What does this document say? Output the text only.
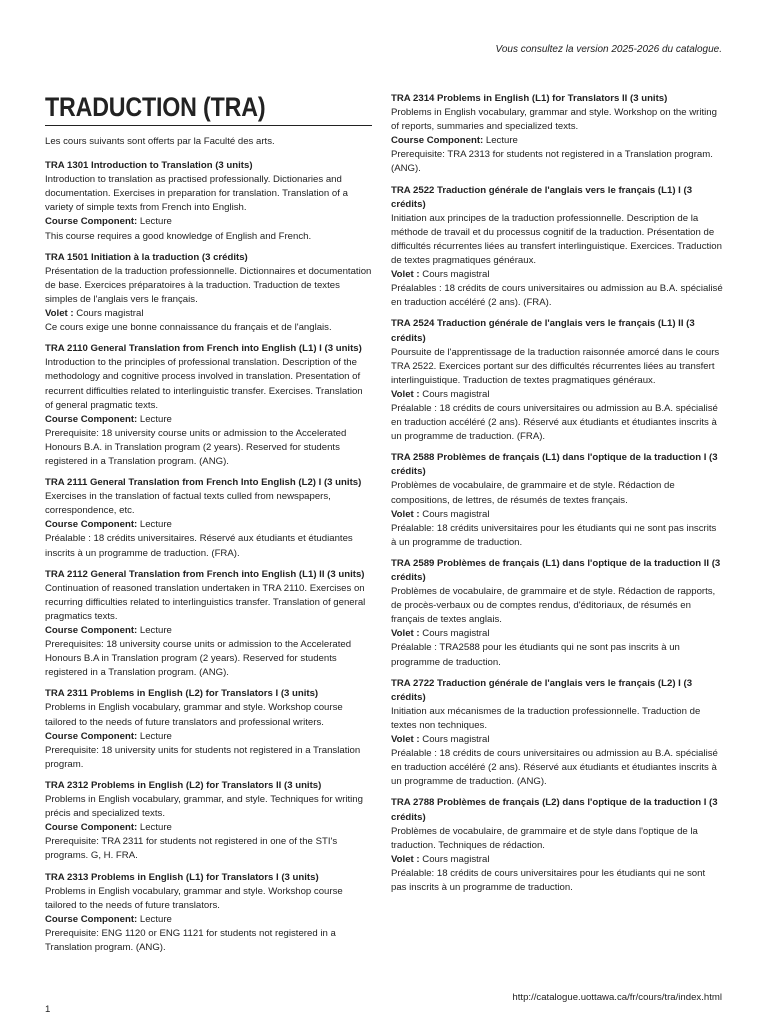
Vous consultez la version 2025-2026 du catalogue.
TRADUCTION (TRA)

Les cours suivants sont offerts par la Faculté des arts.

TRA 1301 Introduction to Translation (3 units)

Introduction to translation as practised professionally. Dictionaries and documentation. Exercises in preparation for translation. Translation of a variety of simple texts from French into English.

Course Component: Lecture

This course requires a good knowledge of English and French.

TRA 1501 Initiation à la traduction (3 crédits)

Présentation de la traduction professionnelle. Dictionnaires et documentation de base. Exercices préparatoires à la traduction. Traduction de textes simples de l'anglais vers le français.

Volet : Cours magistral

Ce cours exige une bonne connaissance du français et de l'anglais.

TRA 2110 General Translation from French into English (L1) I (3 units)

Introduction to the principles of professional translation. Description of the methodology and cognitive process involved in translation. Presentation of recurrent difficulties related to interlinguistic transfer. Exercises. Translation of general pragmatic texts.

Course Component: Lecture

Prerequisite: 18 university course units or admission to the Accelerated Honours B.A. in Translation program (2 years). Reserved for students registered in a Translation program. (ANG).

TRA 2111 General Translation from French Into English (L2) I (3 units)

Exercises in the translation of factual texts culled from newspapers, correspondence, etc.

Course Component: Lecture

Préalable : 18 crédits universitaires. Réservé aux étudiants et étudiantes inscrits à un programme de traduction. (FRA).

TRA 2112 General Translation from French into English (L1) II (3 units)

Continuation of reasoned translation undertaken in TRA 2110. Exercises on recurring difficulties related to interlinguistics transfer. Translation of general pragmatics texts.

Course Component: Lecture

Prerequisites: 18 university course units or admission to the Accelerated Honours B.A in Translation program (2 years). Reserved for students registered in a Translation program. (ANG).

TRA 2311 Problems in English (L2) for Translators I (3 units)

Problems in English vocabulary, grammar and style. Workshop course tailored to the needs of future translators and professional writers.

Course Component: Lecture

Prerequisite: 18 university units for students not registered in a Translation program.

TRA 2312 Problems in English (L2) for Translators II (3 units)

Problems in English vocabulary, grammar, and style. Techniques for writing précis and specialized texts.

Course Component: Lecture

Prerequisite: TRA 2311 for students not registered in one of the STI's programs. G, H. FRA.

TRA 2313 Problems in English (L1) for Translators I (3 units)

Problems in English vocabulary, grammar and style. Workshop course tailored to the needs of future translators.

Course Component: Lecture

Prerequisite: ENG 1120 or ENG 1121 for students not registered in a Translation program. (ANG).

TRA 2314 Problems in English (L1) for Translators II (3 units)

Problems in English vocabulary, grammar and style. Workshop on the writing of reports, summaries and specialized texts.

Course Component: Lecture

Prerequisite: TRA 2313 for students not registered in a Translation program. (ANG).

TRA 2522 Traduction générale de l'anglais vers le français (L1) I (3 crédits)

Initiation aux principes de la traduction professionnelle. Description de la méthode de travail et du processus cognitif de la traduction. Présentation de difficultés récurrentes liées au transfert interlinguistique. Exercices. Traduction de textes pragmatiques généraux.

Volet : Cours magistral

Préalables : 18 crédits de cours universitaires ou admission au B.A. spécialisé en traduction accéléré (2 ans). (FRA).

TRA 2524 Traduction générale de l'anglais vers le français (L1) II (3 crédits)

Poursuite de l'apprentissage de la traduction raisonnée amorcé dans le cours TRA 2522. Exercices portant sur des difficultés récurrentes liées au transfert interlinguistique. Traduction de textes pragmatiques généraux.

Volet : Cours magistral

Préalable : 18 crédits de cours universitaires ou admission au B.A. spécialisé en traduction accéléré (2 ans). Réservé aux étudiants et étudiantes inscrits à un programme de traduction. (FRA).

TRA 2588 Problèmes de français (L1) dans l'optique de la traduction I (3 crédits)

Problèmes de vocabulaire, de grammaire et de style. Rédaction de compositions, de lettres, de résumés de textes français.

Volet : Cours magistral

Préalable: 18 crédits universitaires pour les étudiants qui ne sont pas inscrits à un programme de traduction.

TRA 2589 Problèmes de français (L1) dans l'optique de la traduction II (3 crédits)

Problèmes de vocabulaire, de grammaire et de style. Rédaction de rapports, de procès-verbaux ou de comptes rendus, d'éditoriaux, de résumés en français de textes anglais.

Volet : Cours magistral

Préalable : TRA2588 pour les étudiants qui ne sont pas inscrits à un programme de traduction.

TRA 2722 Traduction générale de l'anglais vers le français (L2) I (3 crédits)

Initiation aux mécanismes de la traduction professionnelle. Traduction de textes non techniques.

Volet : Cours magistral

Préalable : 18 crédits de cours universitaires ou admission au B.A. spécialisé en traduction accéléré (2 ans). Réservé aux étudiants et étudiantes inscrits à un programme de traduction. (ANG).

TRA 2788 Problèmes de français (L2) dans l'optique de la traduction I (3 crédits)

Problèmes de vocabulaire, de grammaire et de style dans l'optique de la traduction. Techniques de rédaction.

Volet : Cours magistral

Préalable: 18 crédits de cours universitaires pour les étudiants qui ne sont pas inscrits à un programme de traduction.

http://catalogue.uottawa.ca/fr/cours/tra/index.html
1
